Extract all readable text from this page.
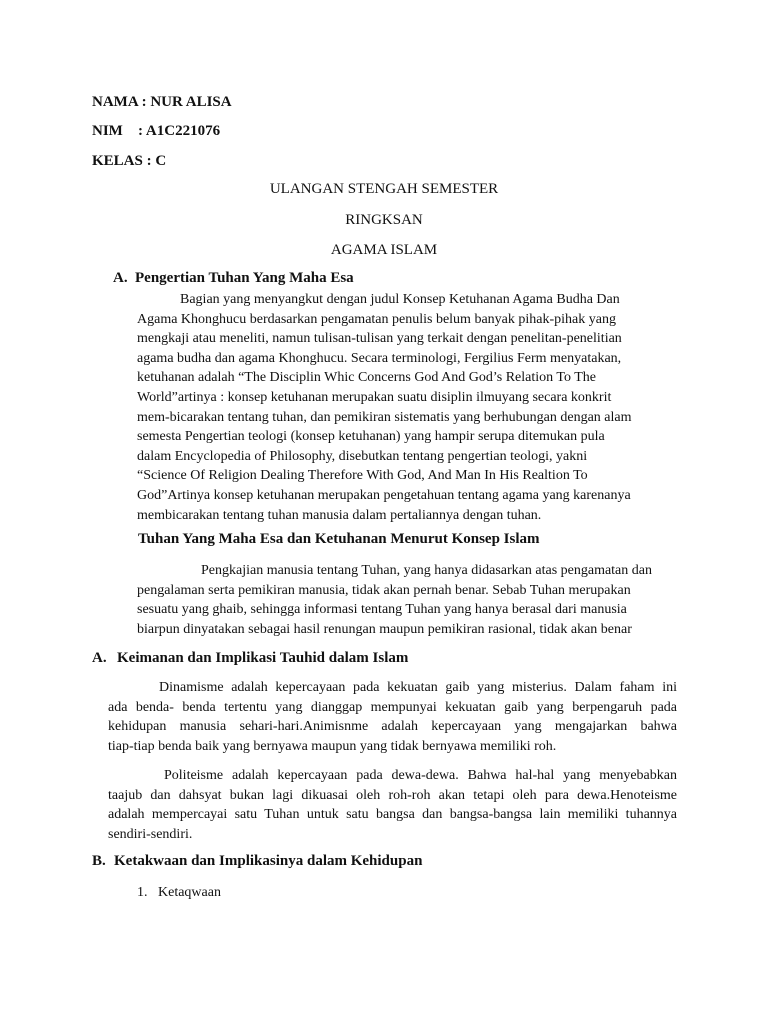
NAMA : NUR ALISA
NIM : A1C221076
KELAS : C
ULANGAN STENGAH SEMESTER
RINGKSAN
AGAMA ISLAM
A. Pengertian Tuhan Yang Maha Esa
Bagian yang menyangkut dengan judul Konsep Ketuhanan Agama Budha Dan
Agama Khonghucu berdasarkan pengamatan penulis belum banyak pihak-pihak yang
mengkaji atau meneliti, namun tulisan-tulisan yang terkait dengan penelitan-penelitian
agama budha dan agama Khonghucu. Secara terminologi, Fergilius Ferm menyatakan,
ketuhanan adalah “The Disciplin Whic Concerns God And God’s Relation To The
World”artinya : konsep ketuhanan merupakan suatu disiplin ilmuyang secara konkrit
mem-bicarakan tentang tuhan, dan pemikiran sistematis yang berhubungan dengan alam
semesta Pengertian teologi (konsep ketuhanan) yang hampir serupa ditemukan pula
dalam Encyclopedia of Philosophy, disebutkan tentang pengertian teologi, yakni
“Science Of Religion Dealing Therefore With God, And Man In His Realtion To
God”Artinya konsep ketuhanan merupakan pengetahuan tentang agama yang karenanya
membicarakan tentang tuhan manusia dalam pertaliannya dengan tuhan.
Tuhan Yang Maha Esa dan Ketuhanan Menurut Konsep Islam
Pengkajian manusia tentang Tuhan, yang hanya didasarkan atas pengamatan dan
pengalaman serta pemikiran manusia, tidak akan pernah benar. Sebab Tuhan merupakan
sesuatu yang ghaib, sehingga informasi tentang Tuhan yang hanya berasal dari manusia
biarpun dinyatakan sebagai hasil renungan maupun pemikiran rasional, tidak akan benar
A. Keimanan dan Implikasi Tauhid dalam Islam
Dinamisme adalah kepercayaan pada kekuatan gaib yang misterius. Dalam faham ini
ada benda- benda tertentu yang dianggap mempunyai kekuatan gaib yang berpengaruh pada
kehidupan manusia sehari-hari.Animisnme adalah kepercayaan yang mengajarkan bahwa
tiap-tiap benda baik yang bernyawa maupun yang tidak bernyawa memiliki roh.
Politeisme adalah kepercayaan pada dewa-dewa. Bahwa hal-hal yang menyebabkan
taajub dan dahsyat bukan lagi dikuasai oleh roh-roh akan tetapi oleh para dewa.Henoteisme
adalah mempercayai satu Tuhan untuk satu bangsa dan bangsa-bangsa lain memiliki tuhannya
sendiri-sendiri.
B. Ketakwaan dan Implikasinya dalam Kehidupan
1. Ketaqwaan
